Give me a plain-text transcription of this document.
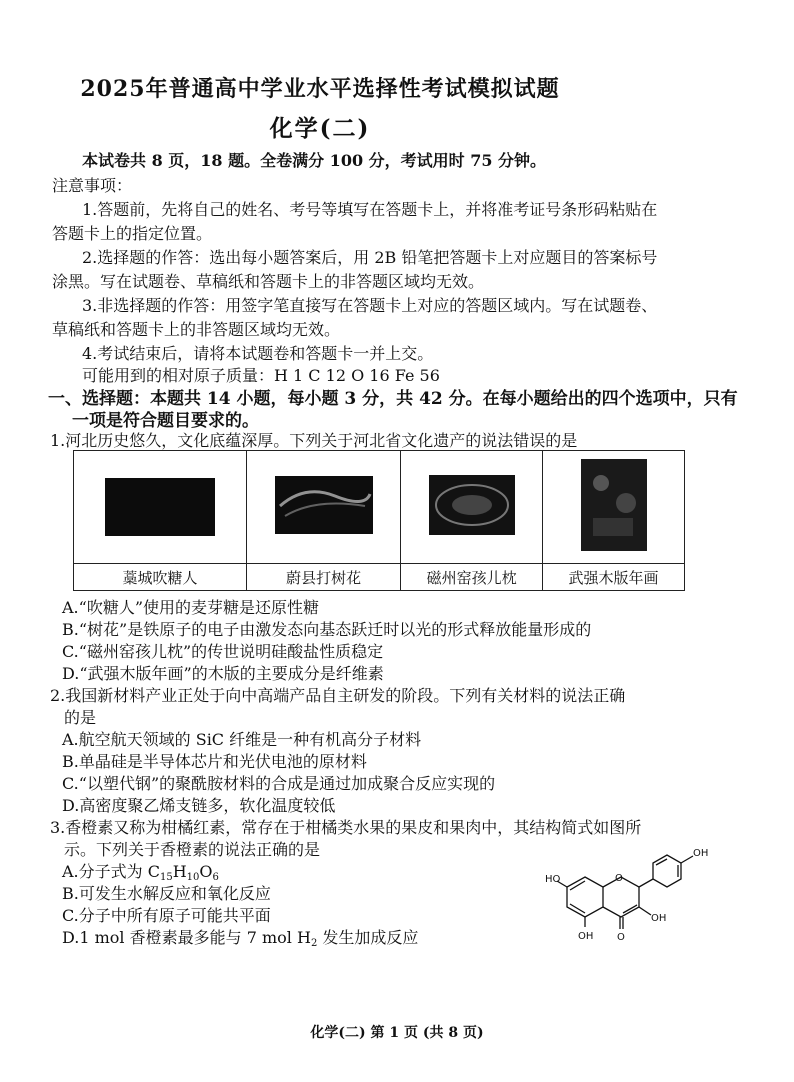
2025年普通高中学业水平选择性考试模拟试题
化学(二)
本试卷共 8 页，18 题。全卷满分 100 分，考试用时 75 分钟。
注意事项：
1.答题前，先将自己的姓名、考号等填写在答题卡上，并将准考证号条形码粘贴在
答题卡上的指定位置。
2.选择题的作答：选出每小题答案后，用 2B 铅笔把答题卡上对应题目的答案标号
涂黑。写在试题卷、草稿纸和答题卡上的非答题区域均无效。
3.非选择题的作答：用签字笔直接写在答题卡上对应的答题区域内。写在试题卷、
草稿纸和答题卡上的非答题区域均无效。
4.考试结束后，请将本试题卷和答题卡一并上交。
可能用到的相对原子质量：H 1 C 12 O 16 Fe 56
一、选择题：本题共 14 小题，每小题 3 分，共 42 分。在每小题给出的四个选项中，只有
一项是符合题目要求的。
1.河北历史悠久，文化底蕴深厚。下列关于河北省文化遗产的说法错误的是

藁城吹糖人	蔚县打树花	磁州窑孩儿枕	武强木版年画
A.“吹糖人”使用的麦芽糖是还原性糖
B.“树花”是铁原子的电子由激发态向基态跃迁时以光的形式释放能量形成的
C.“磁州窑孩儿枕”的传世说明硅酸盐性质稳定
D.“武强木版年画”的木版的主要成分是纤维素
2.我国新材料产业正处于向中高端产品自主研发的阶段。下列有关材料的说法正确
的是
A.航空航天领域的 SiC 纤维是一种有机高分子材料
B.单晶硅是半导体芯片和光伏电池的原材料
C.“以塑代钢”的聚酰胺材料的合成是通过加成聚合反应实现的
D.高密度聚乙烯支链多，软化温度较低
3.香橙素又称为柑橘红素，常存在于柑橘类水果的果皮和果肉中，其结构简式如图所
示。下列关于香橙素的说法正确的是
A.分子式为 $C_{15}H_{10}O_6$
B.可发生水解反应和氧化反应
C.分子中所有原子可能共平面
D.1 mol 香橙素最多能与 7 mol $H_2$ 发生加成反应
O
OH
HO
OH O
OH
化学(二) 第 1 页 (共 8 页)
